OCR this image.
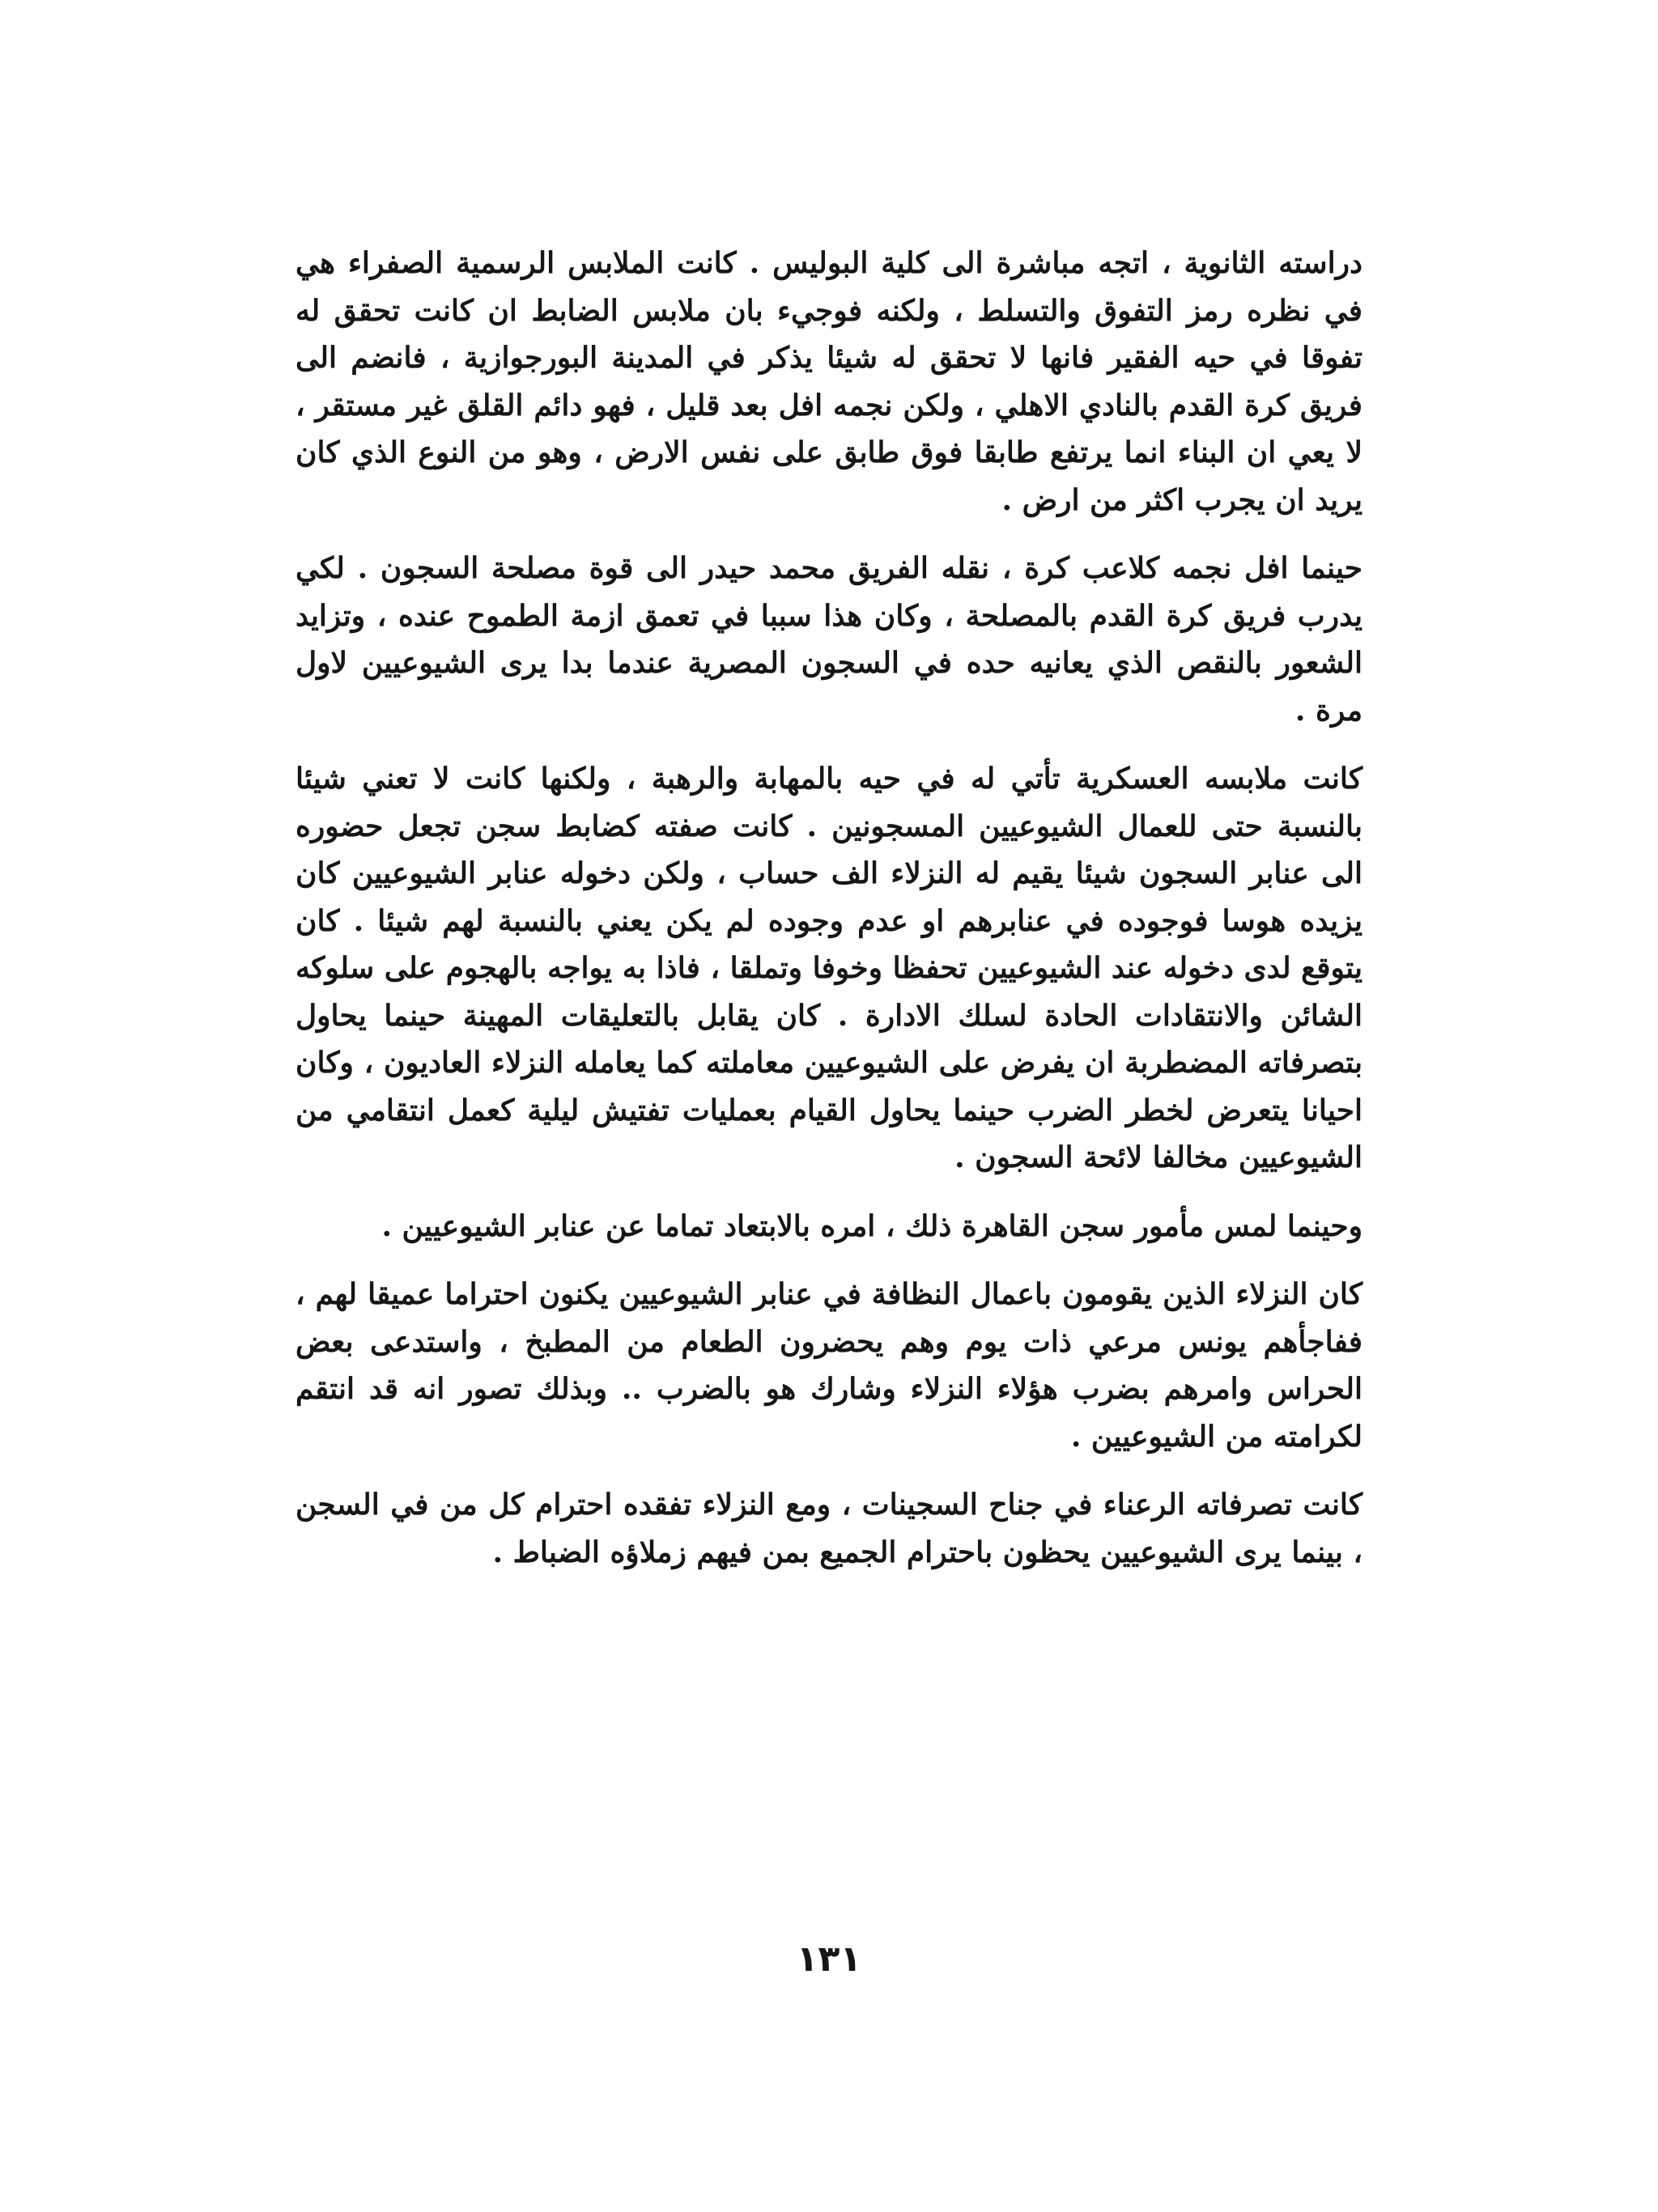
دراسته الثانوية ، اتجه مباشرة الى كلية البوليس . كانت الملابس الرسمية الصفراء هي في نظره رمز التفوق والتسلط ، ولكنه فوجيء بان ملابس الضابط ان كانت تحقق له تفوقا في حيه الفقير فانها لا تحقق له شيئا يذكر في المدينة البورجوازية ، فانضم الى فريق كرة القدم بالنادي الاهلي ، ولكن نجمه افل بعد قليل ، فهو دائم القلق غير مستقر ، لا يعي ان البناء انما يرتفع طابقا فوق طابق على نفس الارض ، وهو من النوع الذي كان يريد ان يجرب اكثر من ارض .
حينما افل نجمه كلاعب كرة ، نقله الفريق محمد حيدر الى قوة مصلحة السجون . لكي يدرب فريق كرة القدم بالمصلحة ، وكان هذا سببا في تعمق ازمة الطموح عنده ، وتزايد الشعور بالنقص الذي يعانيه حده في السجون المصرية عندما بدا يرى الشيوعيين لاول مرة .
كانت ملابسه العسكرية تأتي له في حيه بالمهابة والرهبة ، ولكنها كانت لا تعني شيئا بالنسبة حتى للعمال الشيوعيين المسجونين . كانت صفته كضابط سجن تجعل حضوره الى عنابر السجون شيئا يقيم له النزلاء الف حساب ، ولكن دخوله عنابر الشيوعيين كان يزيده هوسا فوجوده في عنابرهم او عدم وجوده لم يكن يعني بالنسبة لهم شيئا . كان يتوقع لدى دخوله عند الشيوعيين تحفظا وخوفا وتملقا ، فاذا به يواجه بالهجوم على سلوكه الشائن والانتقادات الحادة لسلك الادارة . كان يقابل بالتعليقات المهينة حينما يحاول بتصرفاته المضطربة ان يفرض على الشيوعيين معاملته كما يعامله النزلاء العاديون ، وكان احيانا يتعرض لخطر الضرب حينما يحاول القيام بعمليات تفتيش ليلية كعمل انتقامي من الشيوعيين مخالفا لائحة السجون .
وحينما لمس مأمور سجن القاهرة ذلك ، امره بالابتعاد تماما عن عنابر الشيوعيين .
كان النزلاء الذين يقومون باعمال النظافة في عنابر الشيوعيين يكنون احتراما عميقا لهم ، ففاجأهم يونس مرعي ذات يوم وهم يحضرون الطعام من المطبخ ، واستدعى بعض الحراس وامرهم بضرب هؤلاء النزلاء وشارك هو بالضرب .. وبذلك تصور انه قد انتقم لكرامته من الشيوعيين .
كانت تصرفاته الرعناء في جناح السجينات ، ومع النزلاء تفقده احترام كل من في السجن ، بينما يرى الشيوعيين يحظون باحترام الجميع بمن فيهم زملاؤه الضباط .
١٣١
